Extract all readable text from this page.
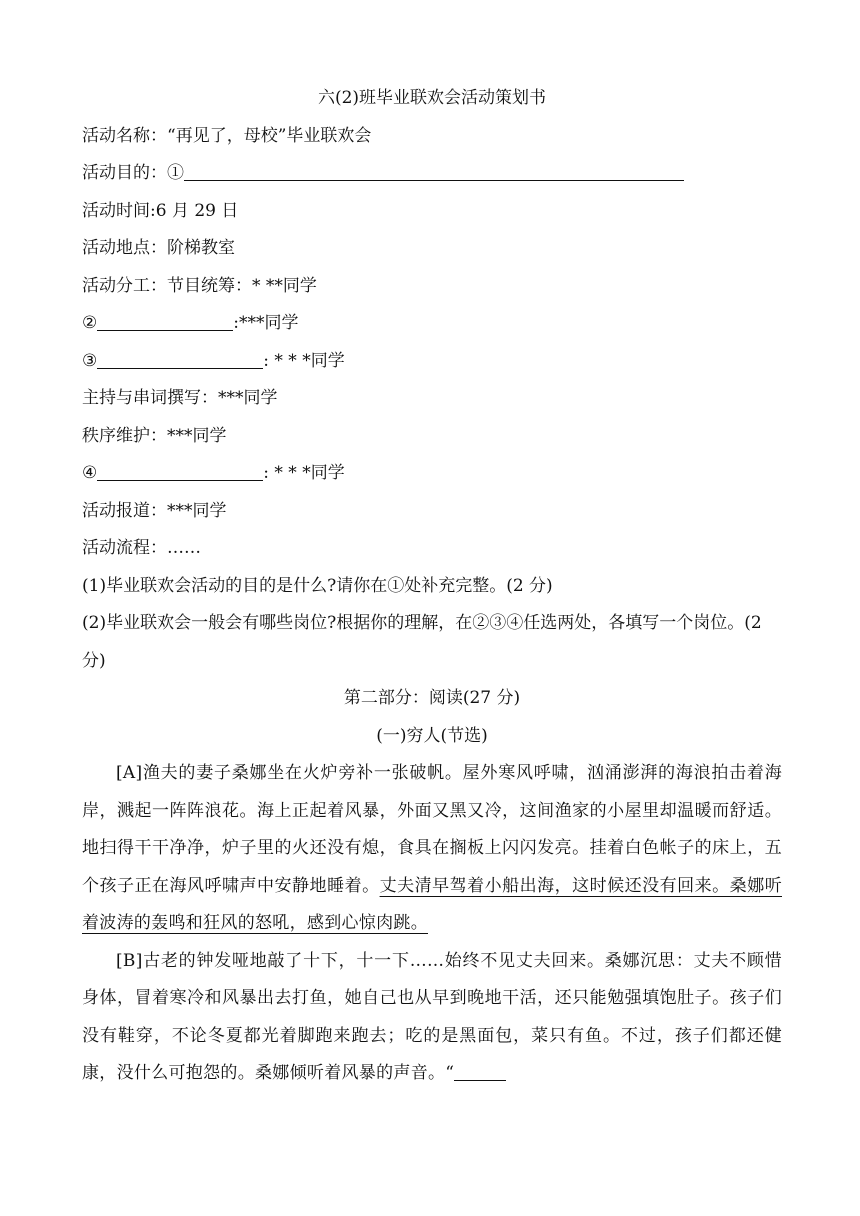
六(2)班毕业联欢会活动策划书
活动名称：“再见了，母校”毕业联欢会
活动目的：①
活动时间:6 月 29 日
活动地点：阶梯教室
活动分工：节目统筹：* **同学
②	:***同学
③	: * * *同学
主持与串词撰写：***同学
秩序维护：***同学
④	: * * *同学
活动报道：***同学
活动流程：……
(1)毕业联欢会活动的目的是什么?请你在①处补充完整。(2 分)
(2)毕业联欢会一般会有哪些岗位?根据你的理解，在②③④任选两处，各填写一个岗位。(2 分)
第二部分：阅读(27 分)
(一)穷人(节选)
[A]渔夫的妻子桑娜坐在火炉旁补一张破帆。屋外寒风呼啸，汹涌澎湃的海浪拍击着海岸，溅起一阵阵浪花。海上正起着风暴，外面又黑又冷，这间渔家的小屋里却温暖而舒适。地扫得干干净净，炉子里的火还没有熄，食具在搁板上闪闪发亮。挂着白色帐子的床上，五个孩子正在海风呼啸声中安静地睡着。丈夫清早驾着小船出海，这时候还没有回来。桑娜听着波涛的轰鸣和狂风的怒吼，感到心惊肉跳。
[B]古老的钟发哑地敲了十下，十一下……始终不见丈夫回来。桑娜沉思：丈夫不顾惜身体，冒着寒冷和风暴出去打鱼，她自己也从早到晚地干活，还只能勉强填饱肚子。孩子们没有鞋穿，不论冬夏都光着脚跑来跑去；吃的是黑面包，菜只有鱼。不过，孩子们都还健康，没什么可抱怨的。桑娜倾听着风暴的声音。“
